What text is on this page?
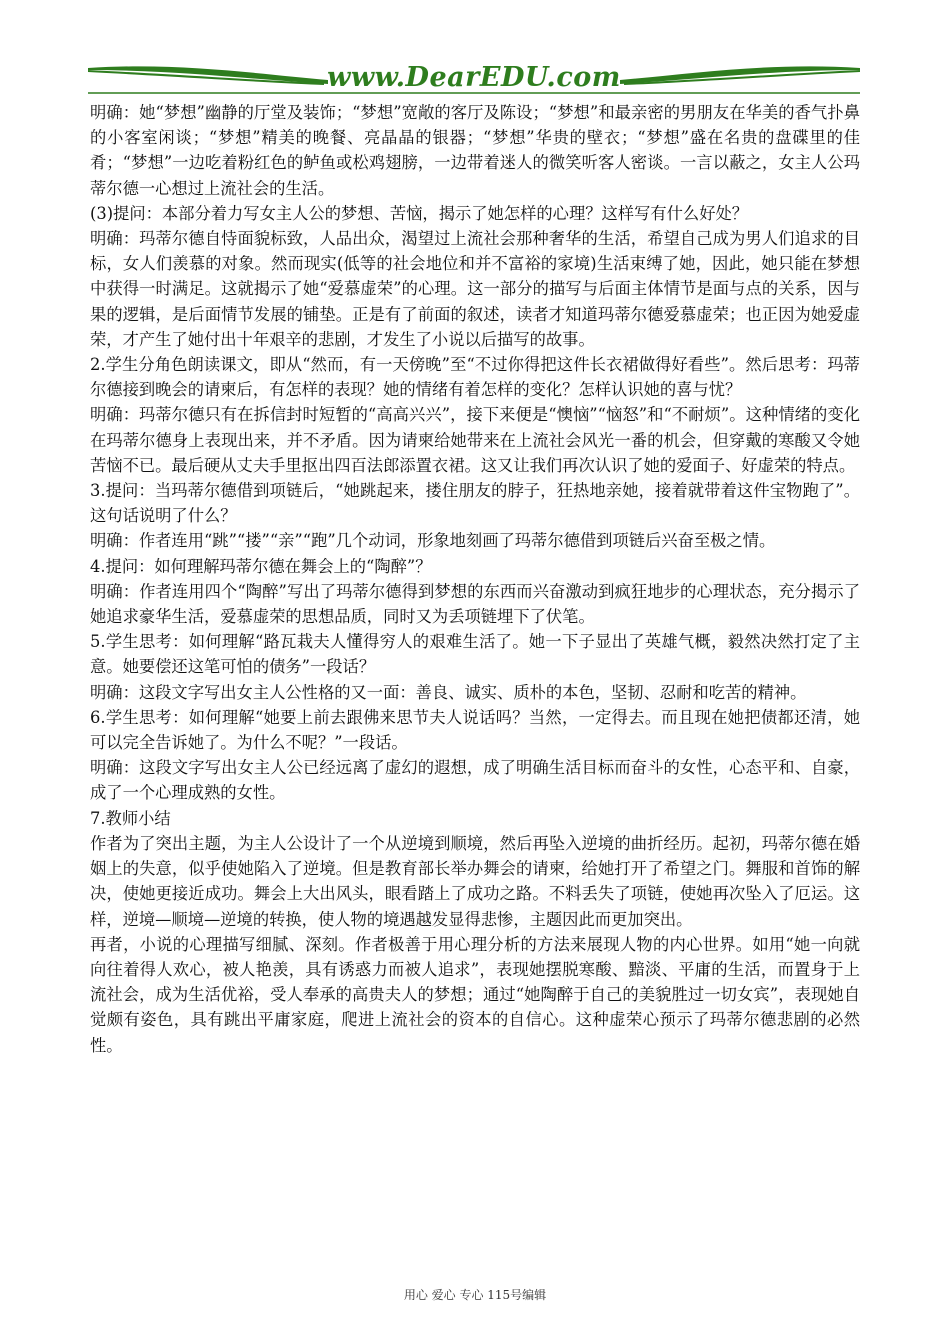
www.DearEDU.com

明确：她“梦想”幽静的厅堂及装饰；“梦想”宽敞的客厅及陈设；“梦想”和最亲密的男朋友在华美的香气扑鼻的小客室闲谈；“梦想”精美的晚餐、亮晶晶的银器；“梦想”华贵的壁衣；“梦想”盛在名贵的盘碟里的佳肴；“梦想”一边吃着粉红色的鲈鱼或松鸡翅膀，一边带着迷人的微笑听客人密谈。一言以蔽之，女主人公玛蒂尔德一心想过上流社会的生活。

(3)提问：本部分着力写女主人公的梦想、苦恼，揭示了她怎样的心理？这样写有什么好处？

明确：玛蒂尔德自恃面貌标致，人品出众，渴望过上流社会那种奢华的生活，希望自己成为男人们追求的目标，女人们羡慕的对象。然而现实(低等的社会地位和并不富裕的家境)生活束缚了她，因此，她只能在梦想中获得一时满足。这就揭示了她“爱慕虚荣”的心理。这一部分的描写与后面主体情节是面与点的关系，因与果的逻辑，是后面情节发展的铺垫。正是有了前面的叙述，读者才知道玛蒂尔德爱慕虚荣；也正因为她爱虚荣，才产生了她付出十年艰辛的悲剧，才发生了小说以后描写的故事。

2.学生分角色朗读课文，即从“然而，有一天傍晚”至“不过你得把这件长衣裙做得好看些”。然后思考：玛蒂尔德接到晚会的请柬后，有怎样的表现？她的情绪有着怎样的变化？怎样认识她的喜与忧？

明确：玛蒂尔德只有在拆信封时短暂的“高高兴兴”，接下来便是“懊恼”“恼怒”和“不耐烦”。这种情绪的变化在玛蒂尔德身上表现出来，并不矛盾。因为请柬给她带来在上流社会风光一番的机会，但穿戴的寒酸又令她苦恼不已。最后硬从丈夫手里抠出四百法郎添置衣裙。这又让我们再次认识了她的爱面子、好虚荣的特点。

3.提问：当玛蒂尔德借到项链后，“她跳起来，搂住朋友的脖子，狂热地亲她，接着就带着这件宝物跑了”。这句话说明了什么？

明确：作者连用“跳”“搂”“亲”“跑”几个动词，形象地刻画了玛蒂尔德借到项链后兴奋至极之情。

4.提问：如何理解玛蒂尔德在舞会上的“陶醉”？

明确：作者连用四个“陶醉”写出了玛蒂尔德得到梦想的东西而兴奋激动到疯狂地步的心理状态，充分揭示了她追求豪华生活，爱慕虚荣的思想品质，同时又为丢项链埋下了伏笔。

5.学生思考：如何理解“路瓦栽夫人懂得穷人的艰难生活了。她一下子显出了英雄气概，毅然决然打定了主意。她要偿还这笔可怕的债务”一段话？

明确：这段文字写出女主人公性格的又一面：善良、诚实、质朴的本色，坚韧、忍耐和吃苦的精神。

6.学生思考：如何理解“她要上前去跟佛来思节夫人说话吗？当然，一定得去。而且现在她把债都还清，她可以完全告诉她了。为什么不呢？”一段话。

明确：这段文字写出女主人公已经远离了虚幻的遐想，成了明确生活目标而奋斗的女性，心态平和、自豪，成了一个心理成熟的女性。

7.教师小结

作者为了突出主题，为主人公设计了一个从逆境到顺境，然后再坠入逆境的曲折经历。起初，玛蒂尔德在婚姻上的失意，似乎使她陷入了逆境。但是教育部长举办舞会的请柬，给她打开了希望之门。舞服和首饰的解决，使她更接近成功。舞会上大出风头，眼看踏上了成功之路。不料丢失了项链，使她再次坠入了厄运。这样，逆境—顺境—逆境的转换，使人物的境遇越发显得悲惨，主题因此而更加突出。

再者，小说的心理描写细腻、深刻。作者极善于用心理分析的方法来展现人物的内心世界。如用“她一向就向往着得人欢心，被人艳羡，具有诱惑力而被人追求”，表现她摆脱寒酸、黯淡、平庸的生活，而置身于上流社会，成为生活优裕，受人奉承的高贵夫人的梦想；通过“她陶醉于自己的美貌胜过一切女宾”，表现她自觉颇有姿色，具有跳出平庸家庭，爬进上流社会的资本的自信心。这种虚荣心预示了玛蒂尔德悲剧的必然性。

用心 爱心 专心 115号编辑
